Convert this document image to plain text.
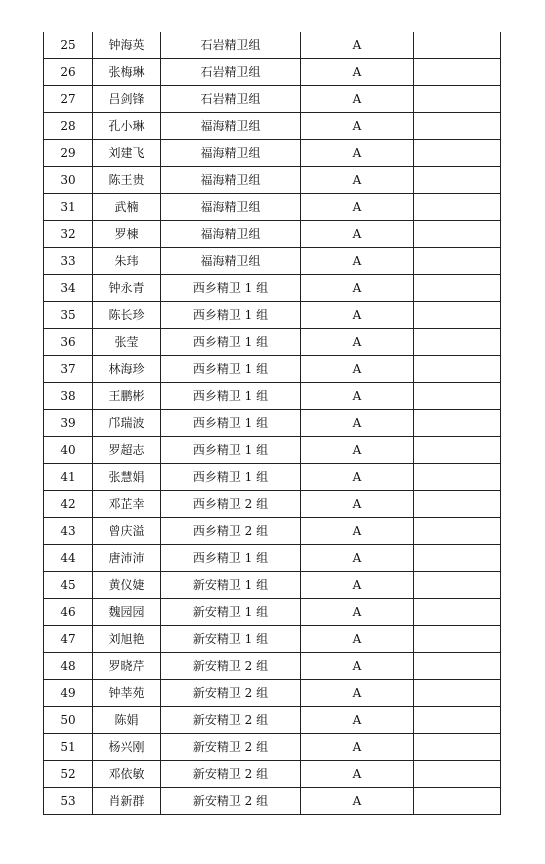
25	钟海英	石岩精卫组	A	
26	张梅琳	石岩精卫组	A	
27	吕剑锋	石岩精卫组	A	
28	孔小琳	福海精卫组	A	
29	刘建飞	福海精卫组	A	
30	陈王贵	福海精卫组	A	
31	武楠	福海精卫组	A	
32	罗棟	福海精卫组	A	
33	朱玮	福海精卫组	A	
34	钟永青	西乡精卫 1 组	A	
35	陈长珍	西乡精卫 1 组	A	
36	张莹	西乡精卫 1 组	A	
37	林海珍	西乡精卫 1 组	A	
38	王鹏彬	西乡精卫 1 组	A	
39	邝瑞波	西乡精卫 1 组	A	
40	罗超志	西乡精卫 1 组	A	
41	张慧娟	西乡精卫 1 组	A	
42	邓芷幸	西乡精卫 2 组	A	
43	曾庆溢	西乡精卫 2 组	A	
44	唐沛沛	西乡精卫 1 组	A	
45	黄仪婕	新安精卫 1 组	A	
46	魏园园	新安精卫 1 组	A	
47	刘旭艳	新安精卫 1 组	A	
48	罗晓芹	新安精卫 2 组	A	
49	钟莘苑	新安精卫 2 组	A	
50	陈娟	新安精卫 2 组	A	
51	杨兴刚	新安精卫 2 组	A	
52	邓依敏	新安精卫 2 组	A	
53	肖新群	新安精卫 2 组	A	
